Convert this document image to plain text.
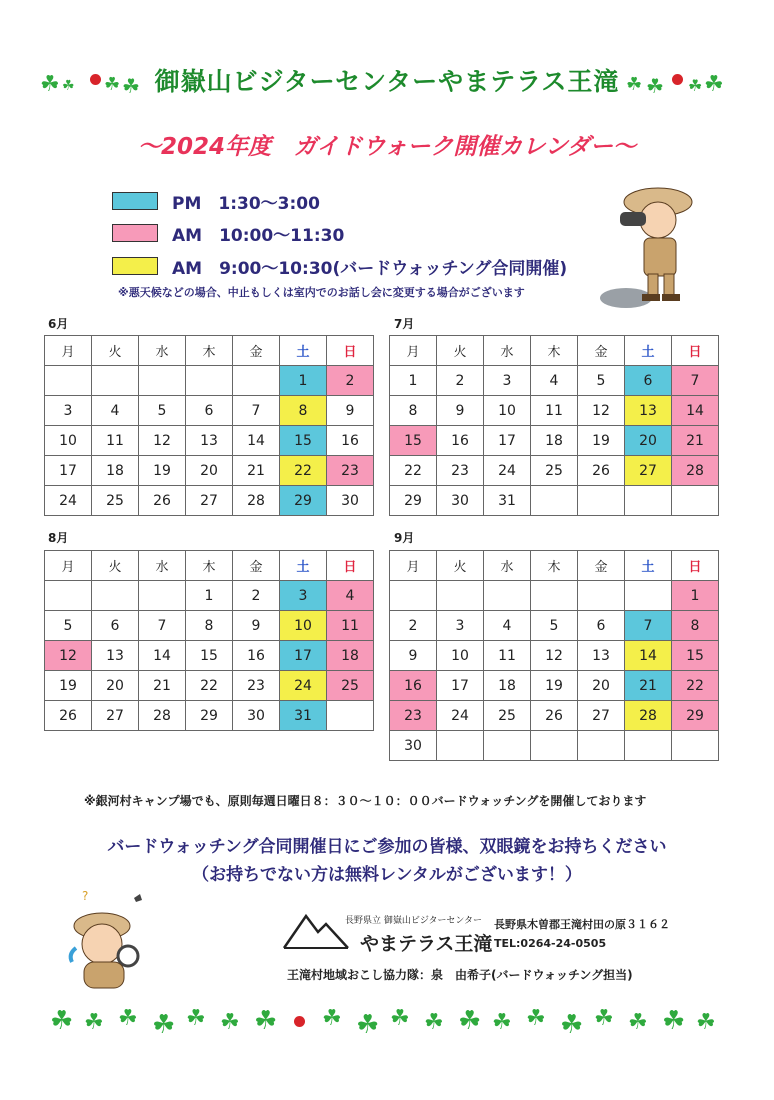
☘ ☘ ☘ ☘	☘ ☘ ☘ ☘
御嶽山ビジターセンターやまテラス王滝
～2024年度　ガイドウォーク開催カレンダー～
PM　1:30～3:00
AM　10:00～11:30
AM　9:00～10:30(バードウォッチング合同開催)
※悪天候などの場合、中止もしくは室内でのお話し会に変更する場合がございます
6月
月	火	水	木	金	土	日
					1	2
3	4	5	6	7	8	9
10	11	12	13	14	15	16
17	18	19	20	21	22	23
24	25	26	27	28	29	30
7月
月	火	水	木	金	土	日
1	2	3	4	5	6	7
8	9	10	11	12	13	14
15	16	17	18	19	20	21
22	23	24	25	26	27	28
29	30	31				
8月
月	火	水	木	金	土	日
			1	2	3	4
5	6	7	8	9	10	11
12	13	14	15	16	17	18
19	20	21	22	23	24	25
26	27	28	29	30	31	
9月
月	火	水	木	金	土	日
						1
2	3	4	5	6	7	8
9	10	11	12	13	14	15
16	17	18	19	20	21	22
23	24	25	26	27	28	29
30						
※銀河村キャンプ場でも、原則毎週日曜日８：３０～１０：００バードウォッチングを開催しております
バードウォッチング合同開催日にご参加の皆様、双眼鏡をお持ちください
（お持ちでない方は無料レンタルがございます！）
?
長野県立 御嶽山ビジターセンター
やまテラス王滝
長野県木曽郡王滝村田の原３１６２
TEL:0264-24-0505
王滝村地域おこし協力隊：泉　由希子(バードウォッチング担当)
☘ ☘ ☘ ☘ ☘ ☘ ☘ ☘ ☘ ☘ ☘ ☘ ☘ ☘ ☘ ☘ ☘ ☘ ☘
